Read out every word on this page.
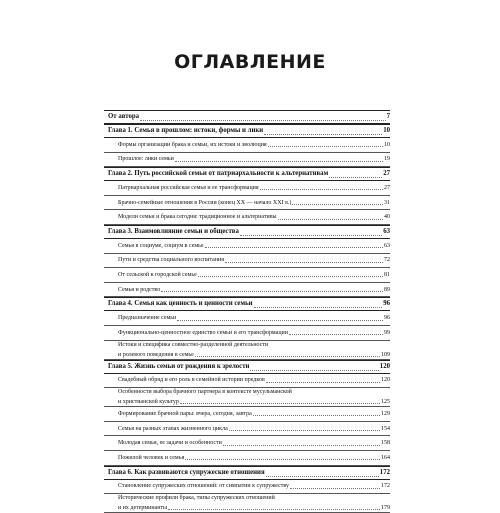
ОГЛАВЛЕНИЕ
От автора	7
Глава 1. Семья в прошлом: истоки, формы и лики	10
Формы организации брака и семьи, их истоки и эволюция	10
Прошлое: лики семьи	19
Глава 2. Путь российской семьи от патриархальности к альтернативам	27
Патриархальная российская семья и ее трансформация	27
Брачно-семейные отношения в России (конец XX — начало XXI в.)	31
Модели семьи и брака сегодня: традиционное и альтернативы	40
Глава 3. Взаимовлияние семьи и общества	63
Семья в социуме, социум в семье	63
Пути и средства социального воспитания	72
От сельской к городской семье	81
Семья и родство	89
Глава 4. Семья как ценность и ценности семьи	96
Предназначение семьи	96
Функционально-ценностное единство семьи и его трансформации	99
Истоки и специфика совместно-разделенной деятельности
и ролевого поведения в семье	109
Глава 5. Жизнь семьи от рождения к зрелости	120
Свадебный обряд и его роль в семейной истории предков	120
Особенности выбора брачного партнера в контексте мусульманской
и христианской культур	125
Формирование брачной пары: вчера, сегодня, завтра	129
Семья на разных этапах жизненного цикла	154
Молодая семья, ее задачи и особенности	158
Пожилой человек и семья	164
Глава 6. Как развиваются супружеские отношения	172
Становление супружеских отношений: от симпатии к супружеству	172
Исторические профили брака, типы супружеских отношений
и их детерминанты	179
